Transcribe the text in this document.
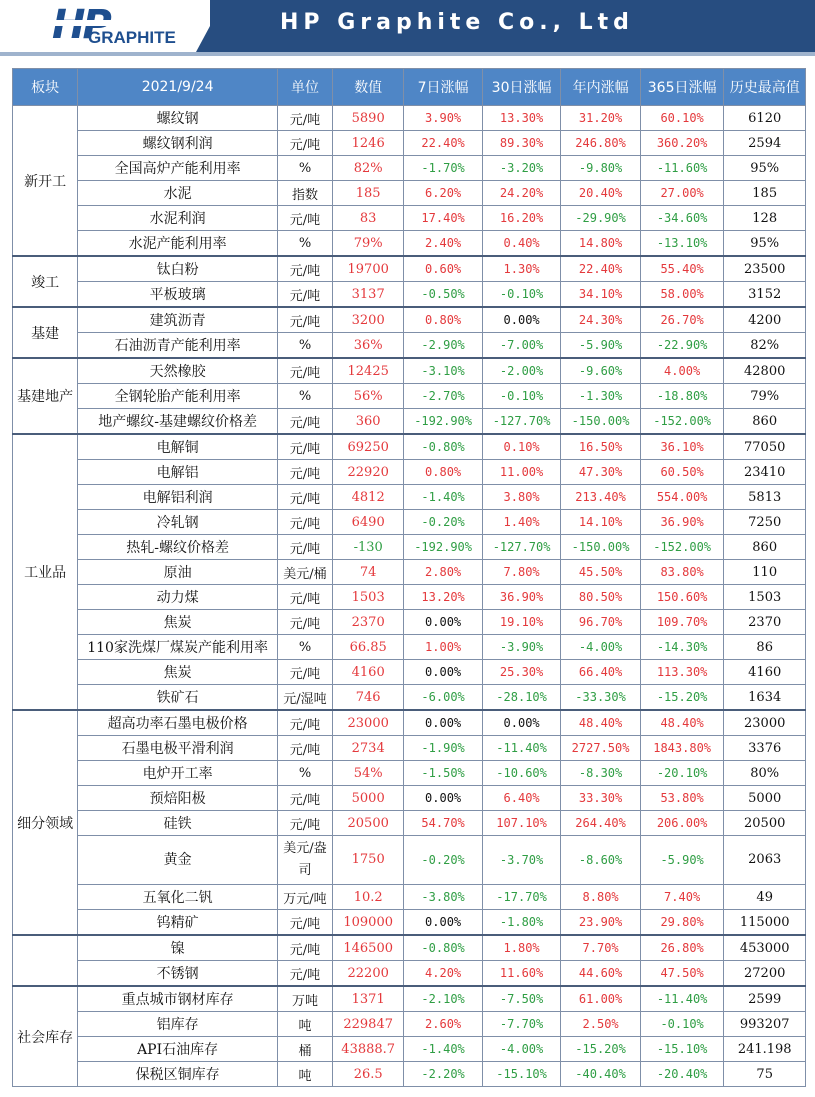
GRAPHITE
HP Graphite Co., Ltd
板块	2021/9/24	单位	数值	7日涨幅	30日涨幅	年内涨幅	365日涨幅	历史最高值
新开工	螺纹钢	元/吨	5890	3.90%	13.30%	31.20%	60.10%	6120
	螺纹钢利润	元/吨	1246	22.40%	89.30%	246.80%	360.20%	2594
	全国高炉产能利用率	%	82%	-1.70%	-3.20%	-9.80%	-11.60%	95%
	水泥	指数	185	6.20%	24.20%	20.40%	27.00%	185
	水泥利润	元/吨	83	17.40%	16.20%	-29.90%	-34.60%	128
	水泥产能利用率	%	79%	2.40%	0.40%	14.80%	-13.10%	95%
竣工	钛白粉	元/吨	19700	0.60%	1.30%	22.40%	55.40%	23500
	平板玻璃	元/吨	3137	-0.50%	-0.10%	34.10%	58.00%	3152
基建	建筑沥青	元/吨	3200	0.80%	0.00%	24.30%	26.70%	4200
	石油沥青产能利用率	%	36%	-2.90%	-7.00%	-5.90%	-22.90%	82%
基建地产	天然橡胶	元/吨	12425	-3.10%	-2.00%	-9.60%	4.00%	42800
	全钢轮胎产能利用率	%	56%	-2.70%	-0.10%	-1.30%	-18.80%	79%
	地产螺纹-基建螺纹价格差	元/吨	360	-192.90%	-127.70%	-150.00%	-152.00%	860
工业品	电解铜	元/吨	69250	-0.80%	0.10%	16.50%	36.10%	77050
	电解铝	元/吨	22920	0.80%	11.00%	47.30%	60.50%	23410
	电解铝利润	元/吨	4812	-1.40%	3.80%	213.40%	554.00%	5813
	冷轧钢	元/吨	6490	-0.20%	1.40%	14.10%	36.90%	7250
	热轧-螺纹价格差	元/吨	-130	-192.90%	-127.70%	-150.00%	-152.00%	860
	原油	美元/桶	74	2.80%	7.80%	45.50%	83.80%	110
	动力煤	元/吨	1503	13.20%	36.90%	80.50%	150.60%	1503
	焦炭	元/吨	2370	0.00%	19.10%	96.70%	109.70%	2370
	110家洗煤厂煤炭产能利用率	%	66.85	1.00%	-3.90%	-4.00%	-14.30%	86
	焦炭	元/吨	4160	0.00%	25.30%	66.40%	113.30%	4160
	铁矿石	元/湿吨	746	-6.00%	-28.10%	-33.30%	-15.20%	1634
细分领域	超高功率石墨电极价格	元/吨	23000	0.00%	0.00%	48.40%	48.40%	23000
	石墨电极平滑利润	元/吨	2734	-1.90%	-11.40%	2727.50%	1843.80%	3376
	电炉开工率	%	54%	-1.50%	-10.60%	-8.30%	-20.10%	80%
	预焙阳极	元/吨	5000	0.00%	6.40%	33.30%	53.80%	5000
	硅铁	元/吨	20500	54.70%	107.10%	264.40%	206.00%	20500
	黄金	美元/盎司	1750	-0.20%	-3.70%	-8.60%	-5.90%	2063
	五氧化二钒	万元/吨	10.2	-3.80%	-17.70%	8.80%	7.40%	49
	钨精矿	元/吨	109000	0.00%	-1.80%	23.90%	29.80%	115000
	镍	元/吨	146500	-0.80%	1.80%	7.70%	26.80%	453000
	不锈钢	元/吨	22200	4.20%	11.60%	44.60%	47.50%	27200
社会库存	重点城市钢材库存	万吨	1371	-2.10%	-7.50%	61.00%	-11.40%	2599
	铝库存	吨	229847	2.60%	-7.70%	2.50%	-0.10%	993207
	API石油库存	桶	43888.7	-1.40%	-4.00%	-15.20%	-15.10%	241.198
	保税区铜库存	吨	26.5	-2.20%	-15.10%	-40.40%	-20.40%	75
